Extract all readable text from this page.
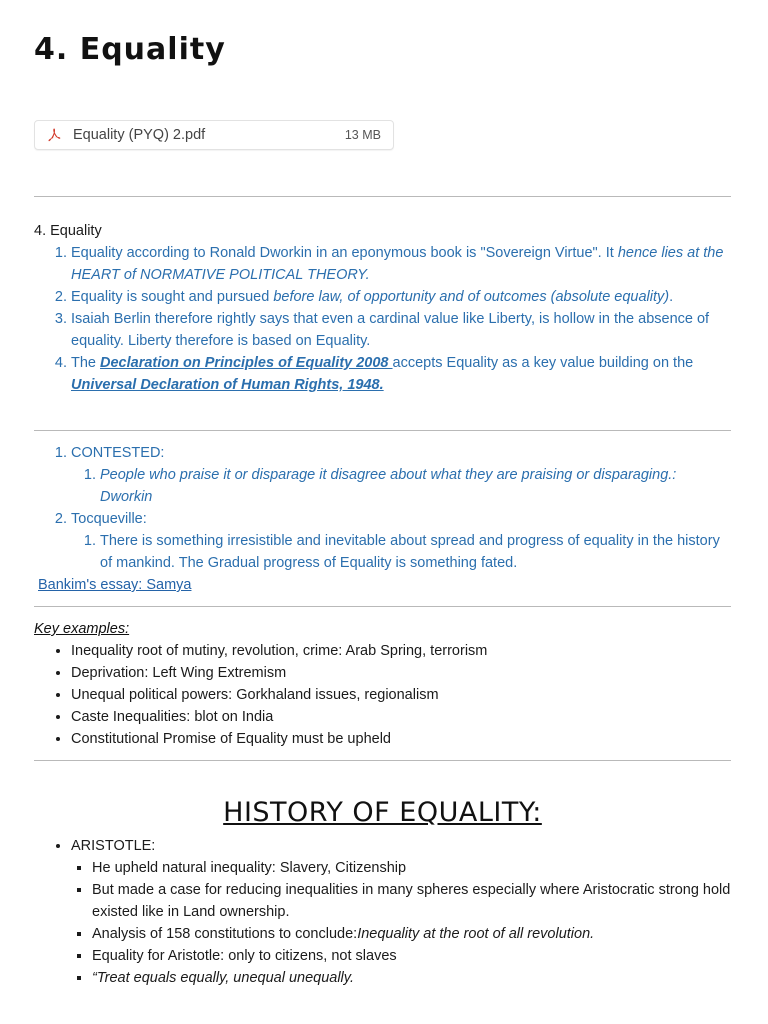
4. Equality
Equality (PYQ) 2.pdf	13 MB
4. Equality
1. Equality according to Ronald Dworkin in an eponymous book is "Sovereign Virtue". It hence lies at the HEART of NORMATIVE POLITICAL THEORY.
2. Equality is sought and pursued before law, of opportunity and of outcomes (absolute equality).
3. Isaiah Berlin therefore rightly says that even a cardinal value like Liberty, is hollow in the absence of equality. Liberty therefore is based on Equality.
4. The Declaration on Principles of Equality 2008 accepts Equality as a key value building on the Universal Declaration of Human Rights, 1948.
1. CONTESTED:
1. People who praise it or disparage it disagree about what they are praising or disparaging.: Dworkin
2. Tocqueville:
1. There is something irresistible and inevitable about spread and progress of equality in the history of mankind. The Gradual progress of Equality is something fated.
Bankim's essay: Samya
Key examples:
• Inequality root of mutiny, revolution, crime: Arab Spring, terrorism
• Deprivation: Left Wing Extremism
• Unequal political powers: Gorkhaland issues, regionalism
• Caste Inequalities: blot on India
• Constitutional Promise of Equality must be upheld
HISTORY OF EQUALITY:
• ARISTOTLE:
▪ He upheld natural inequality: Slavery, Citizenship
▪ But made a case for reducing inequalities in many spheres especially where Aristocratic strong hold existed like in Land ownership.
▪ Analysis of 158 constitutions to conclude:Inequality at the root of all revolution.
▪ Equality for Aristotle: only to citizens, not slaves
▪ “Treat equals equally, unequal unequally.
